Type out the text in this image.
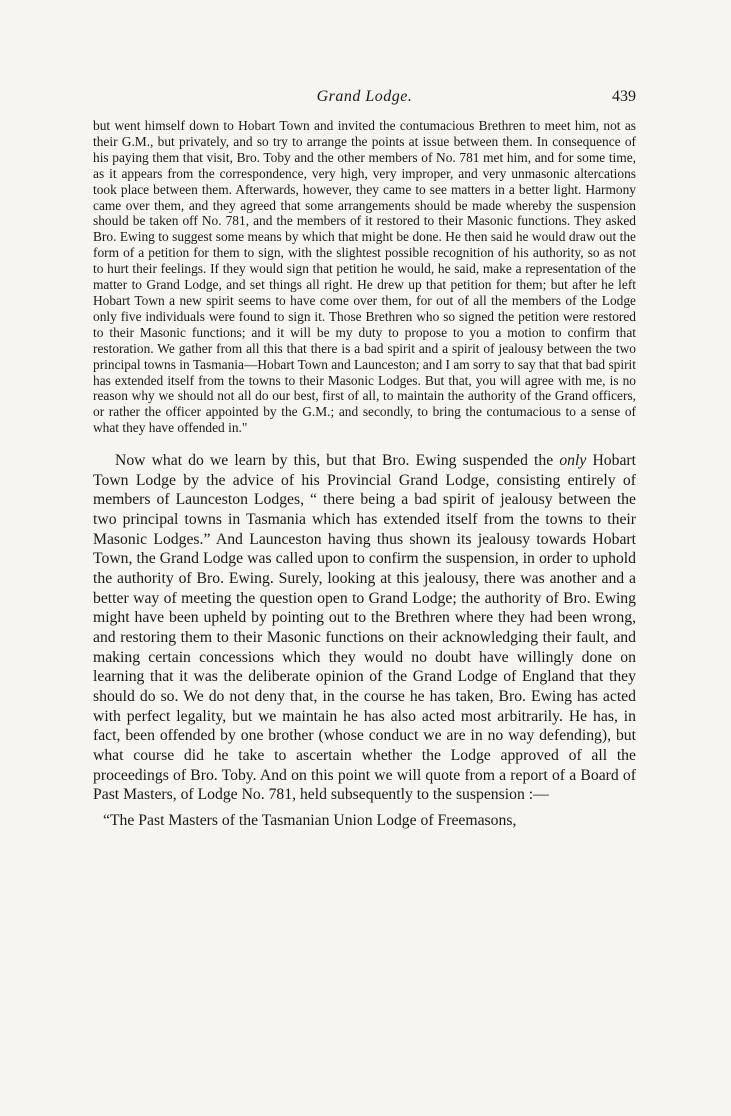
Grand Lodge.	439

but went himself down to Hobart Town and invited the contumacious Brethren to meet him, not as their G.M., but privately, and so try to arrange the points at issue between them. In consequence of his paying them that visit, Bro. Toby and the other members of No. 781 met him, and for some time, as it appears from the correspondence, very high, very improper, and very unmasonic altercations took place between them. Afterwards, however, they came to see matters in a better light. Harmony came over them, and they agreed that some arrangements should be made whereby the suspension should be taken off No. 781, and the members of it restored to their Masonic functions. They asked Bro. Ewing to suggest some means by which that might be done. He then said he would draw out the form of a petition for them to sign, with the slightest possible recognition of his authority, so as not to hurt their feelings. If they would sign that petition he would, he said, make a representation of the matter to Grand Lodge, and set things all right. He drew up that petition for them; but after he left Hobart Town a new spirit seems to have come over them, for out of all the members of the Lodge only five individuals were found to sign it. Those Brethren who so signed the petition were restored to their Masonic functions; and it will be my duty to propose to you a motion to confirm that restoration. We gather from all this that there is a bad spirit and a spirit of jealousy between the two principal towns in Tasmania—Hobart Town and Launceston; and I am sorry to say that that bad spirit has extended itself from the towns to their Masonic Lodges. But that, you will agree with me, is no reason why we should not all do our best, first of all, to maintain the authority of the Grand officers, or rather the officer appointed by the G.M.; and secondly, to bring the contumacious to a sense of what they have offended in."

Now what do we learn by this, but that Bro. Ewing suspended the only Hobart Town Lodge by the advice of his Provincial Grand Lodge, consisting entirely of members of Launceston Lodges, “ there being a bad spirit of jealousy between the two principal towns in Tasmania which has extended itself from the towns to their Masonic Lodges.” And Launceston having thus shown its jealousy towards Hobart Town, the Grand Lodge was called upon to confirm the suspension, in order to uphold the authority of Bro. Ewing. Surely, looking at this jealousy, there was another and a better way of meeting the question open to Grand Lodge; the authority of Bro. Ewing might have been upheld by pointing out to the Brethren where they had been wrong, and restoring them to their Masonic functions on their acknowledging their fault, and making certain concessions which they would no doubt have willingly done on learning that it was the deliberate opinion of the Grand Lodge of England that they should do so. We do not deny that, in the course he has taken, Bro. Ewing has acted with perfect legality, but we maintain he has also acted most arbitrarily. He has, in fact, been offended by one brother (whose conduct we are in no way defending), but what course did he take to ascertain whether the Lodge approved of all the proceedings of Bro. Toby. And on this point we will quote from a report of a Board of Past Masters, of Lodge No. 781, held subsequently to the suspension :—

“The Past Masters of the Tasmanian Union Lodge of Freemasons,
